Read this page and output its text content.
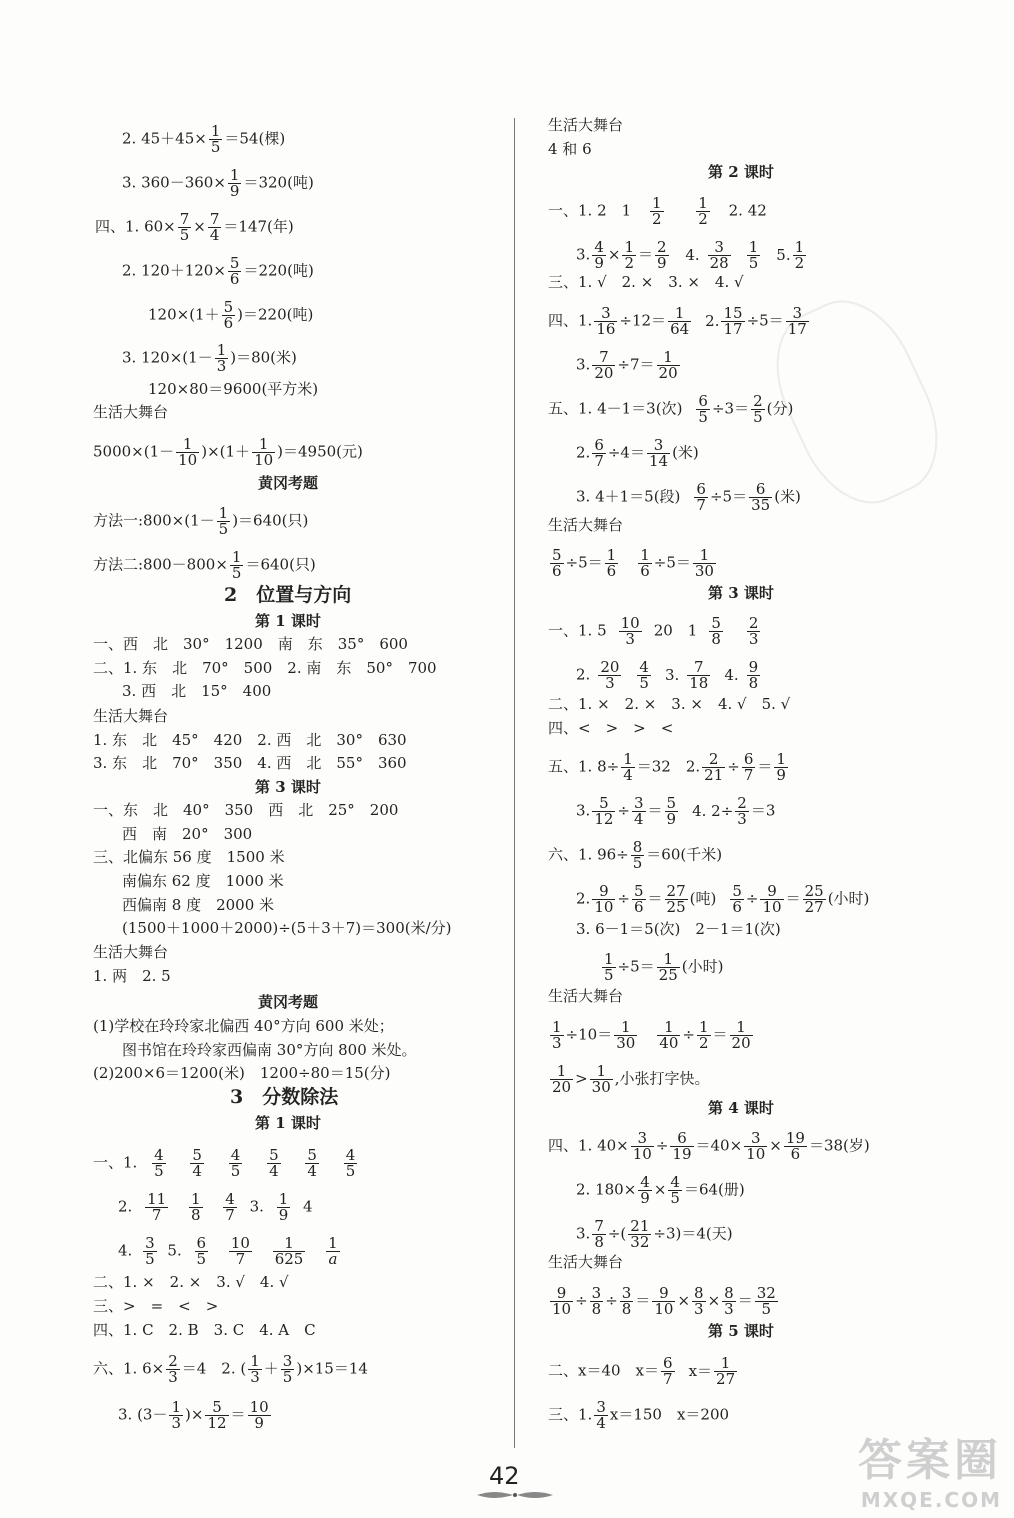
2. $45+45\times \frac{1}{5} =54$(棵)
3. $360-360\times \frac{1}{9} =320$(吨)
四、1. $60\times \frac{7}{5} \times \frac{7}{4} =147$(年)
2. $120+120\times \frac{5}{6} =220$(吨)
$120\times(1+ \frac{5}{6} )=220$(吨)
3. $120\times(1- \frac{1}{3} )=80$(米)
120×80＝9600(平方米)
生活大舞台
$5000\times(1- \frac{1}{10} )\times(1+ \frac{1}{10} )=4950$(元)
黄冈考题
方法一:800×(1－ $\frac{1}{5} )=640$(只)
方法二:800－800× $\frac{1}{5} =640$(只)
2　位置与方向
第 1 课时
一、西　北　30°　1200　南　东　35°　600
二、1. 东　北　70°　500　2. 南　东　50°　700
3. 西　北　15°　400
生活大舞台
1. 东　北　45°　420　2. 西　北　30°　630
3. 东　北　70°　350　4. 西　北　55°　360
第 3 课时
一、东　北　40°　350　西　北　25°　200
西　南　20°　300
三、北偏东 56 度　1500 米
南偏东 62 度　1000 米
西偏南 8 度　2000 米
(1500＋1000＋2000)÷(5＋3＋7)＝300(米/分)
生活大舞台
1. 两　2. 5
黄冈考题
(1)学校在玲玲家北偏西 40°方向 600 米处；
图书馆在玲玲家西偏南 30°方向 800 米处。
(2)200×6＝1200(米)　1200÷80＝15(分)
3　分数除法
第 1 课时
一、1. $\frac{4}{5}$
$\frac{5}{4}$
$\frac{4}{5}$
$\frac{5}{4}$
$\frac{5}{4}$
$\frac{4}{5}$
2. $\frac{11}{7}$
$\frac{1}{8}$
$\frac{4}{7} 3$. $\frac{1}{9} 4$
4. $\frac{3}{5} 5$. $\frac{6}{5}$
$\frac{10}{7}$
$\frac{1}{625}$
$\frac{1}{a}$
二、1. ×　2. ×　3. √　4. √
三、>　=　<　>
四、1. C　2. B　3. C　4. A　C
六、1. $6\times \frac{2}{3} =4$　2. ( $\frac{1}{3} + \frac{3}{5} )\times 15=14$
3. ($3- \frac{1}{3}$ )× $\frac{5}{12} = \frac{10}{9}$
生活大舞台
4 和 6
第 2 课时
一、1. 2　$1 \frac{1}{2}$
$\frac{1}{2} 2$. 42
3. $\frac{4}{9} \times \frac{1}{2} = \frac{2}{9} 4$. $\frac{3}{28} \frac{1}{5} 5$. $\frac{1}{2}$
三、1. √　2. ×　3. ×　4. √
四、1. $\frac{3}{16} \div 12= \frac{1}{64} 2$. $\frac{15}{17} \div 5= \frac{3}{17}$
3. $\frac{7}{20} \div 7= \frac{1}{20}$
五、1. 4－1＝3(次) $\frac{6}{5} \div 3= \frac{2}{5}$ (分)
2. $\frac{6}{7} \div 4= \frac{3}{14}$ (米)
3. 4＋1＝5(段) $\frac{6}{7} \div 5= \frac{6}{35}$ (米)
生活大舞台
$\frac{5}{6} \div 5= \frac{1}{6} \frac{1}{6} \div 5= \frac{1}{30}$
第 3 课时
一、1. $5 \frac{10}{3} 20$　$1 \frac{5}{8} \frac{2}{3}$
2. $\frac{20}{3} \frac{4}{5} 3$. $\frac{7}{18} 4$. $\frac{9}{8}$
二、1. ×　2. ×　3. ×　4. √　5. √
四、<　>　>　<
五、1. $8\div \frac{1}{4} =32$　2. $\frac{2}{21} \div \frac{6}{7} = \frac{1}{9}$
3. $\frac{5}{12} \div \frac{3}{4} = \frac{5}{9} 4$. $2\div \frac{2}{3} =3$
六、1. $96\div \frac{8}{5} =60$(千米)
2. $\frac{9}{10} \div \frac{5}{6} = \frac{27}{25}$ (吨) $\frac{5}{6} \div \frac{9}{10} = \frac{25}{27}$ (小时)
3. 6－1＝5(次)　2－1＝1(次)
$\frac{1}{5} \div 5= \frac{1}{25}$ (小时)
生活大舞台
$\frac{1}{3} \div 10= \frac{1}{30} \frac{1}{40} \div \frac{1}{2} = \frac{1}{20}$
$\frac{1}{20} > \frac{1}{30}$ ,小张打字快。
第 4 课时
四、1. $40\times \frac{3}{10} \div \frac{6}{19} =40\times \frac{3}{10} \times \frac{19}{6} =38$(岁)
2. $180\times \frac{4}{9} \times \frac{4}{5} =64$(册)
3. $\frac{7}{8}$ ÷( $\frac{21}{32} \div 3)=4$(天)
生活大舞台
$\frac{9}{10} \div \frac{3}{8} \div \frac{3}{8} = \frac{9}{10} \times \frac{8}{3} \times \frac{8}{3} = \frac{32}{5}$
第 5 课时
二、x＝40　$x= \frac{6}{7} x= \frac{1}{27}$
三、1. $\frac{3}{4} x=150$　x＝200
42	答案圈
MXQE.COM
